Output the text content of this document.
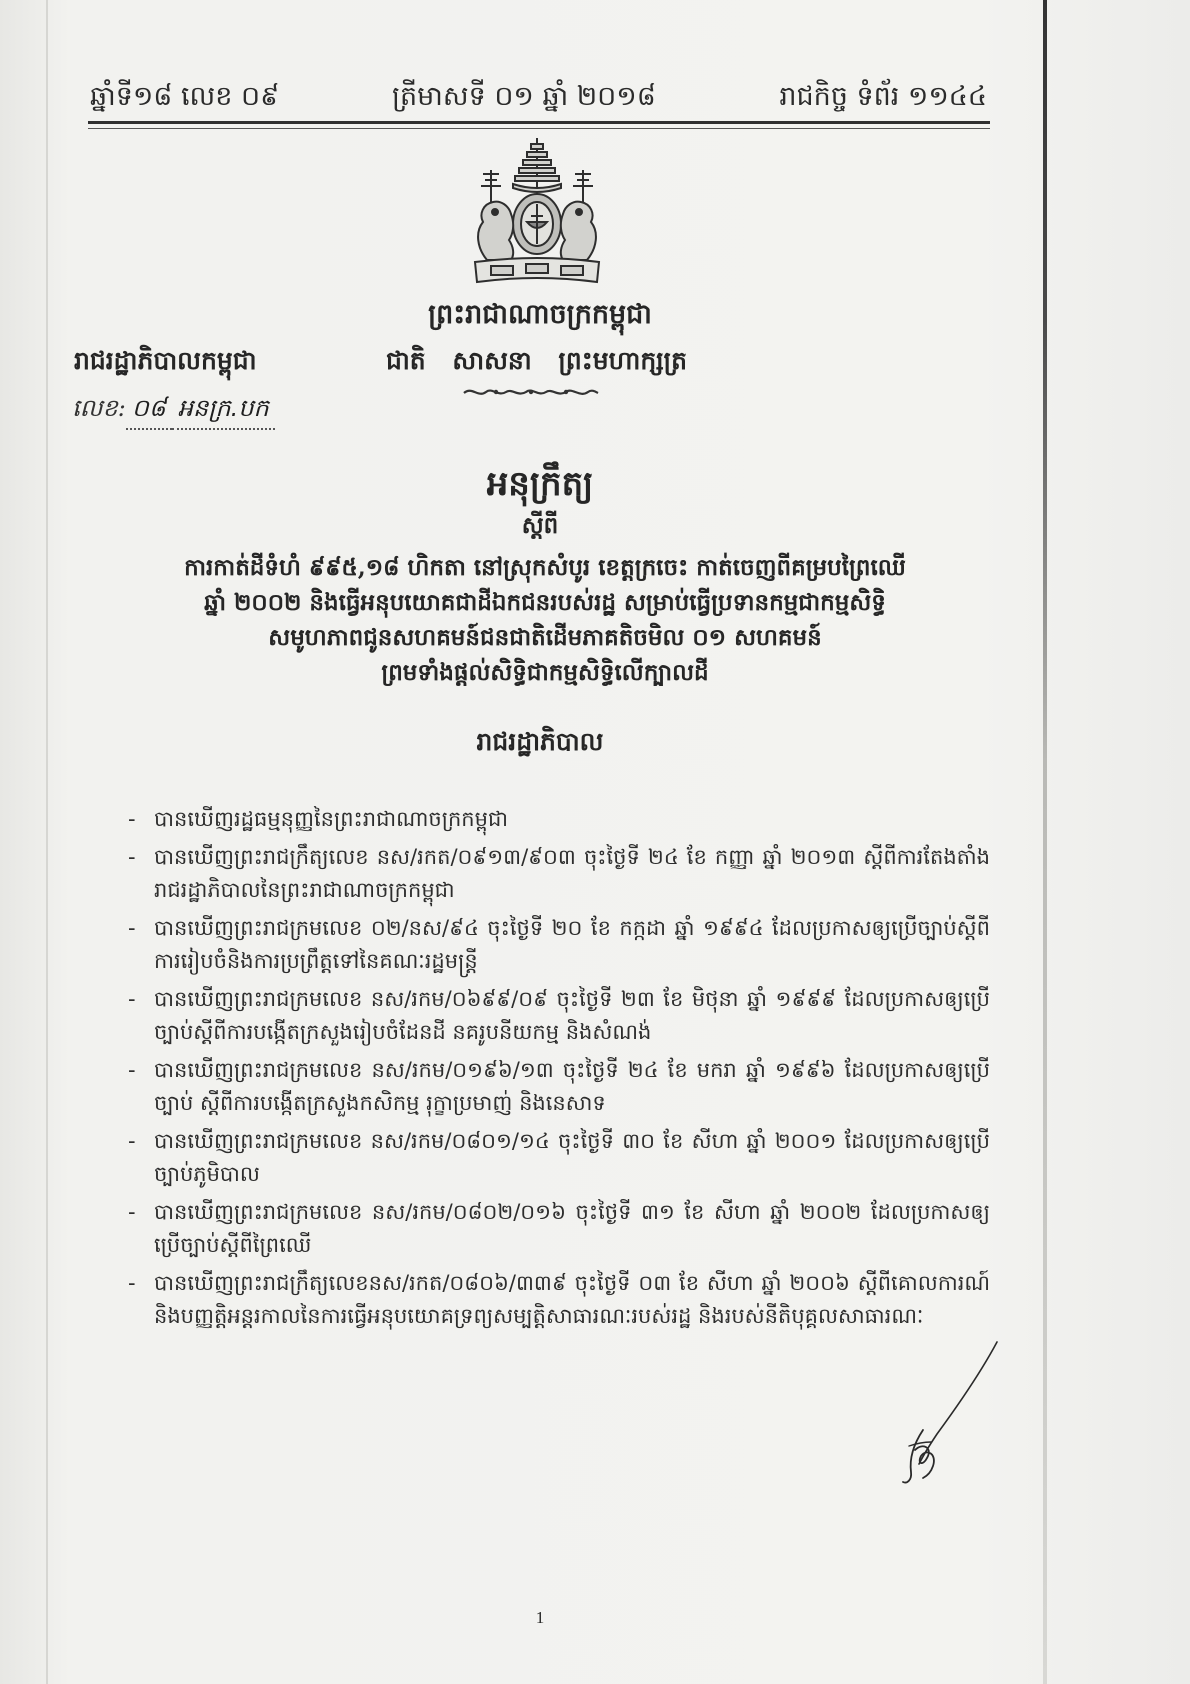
ឆ្នាំទី១៨ លេខ ០៩	ត្រីមាសទី ០១ ឆ្នាំ ២០១៨	រាជកិច្ច ទំព័រ ១១៤៤
ព្រះរាជាណាចក្រកម្ពុជា
រាជរដ្ឋាភិបាលកម្ពុជា	ជាតិ សាសនា ព្រះមហាក្សត្រ
លេខ: ០៨ អនក្រ.បក
អនុក្រឹត្យ
ស្តីពី
ការកាត់ដីទំហំ ៩៩៥,១៨ ហិកតា នៅស្រុកសំបូរ ខេត្តក្រចេះ កាត់ចេញពីគម្របព្រៃឈើ
ឆ្នាំ ២០០២ និងធ្វើអនុបយោគជាដីឯកជនរបស់រដ្ឋ សម្រាប់ធ្វើប្រទានកម្មជាកម្មសិទ្ធិ
សមូហភាពជូនសហគមន៍ជនជាតិដើមភាគតិចមិល ០១ សហគមន៍
ព្រមទាំងផ្តល់សិទ្ធិជាកម្មសិទ្ធិលើក្បាលដី
រាជរដ្ឋាភិបាល
- បានឃើញរដ្ឋធម្មនុញ្ញនៃព្រះរាជាណាចក្រកម្ពុជា
- បានឃើញព្រះរាជក្រឹត្យលេខ នស/រកត/០៩១៣/៩០៣ ចុះថ្ងៃទី ២៤ ខែ កញ្ញា ឆ្នាំ ២០១៣ ស្តីពីការតែងតាំងរាជរដ្ឋាភិបាលនៃព្រះរាជាណាចក្រកម្ពុជា
- បានឃើញព្រះរាជក្រមលេខ ០២/នស/៩៤ ចុះថ្ងៃទី ២០ ខែ កក្កដា ឆ្នាំ ១៩៩៤ ដែលប្រកាសឲ្យប្រើច្បាប់ស្តីពីការរៀបចំនិងការប្រព្រឹត្តទៅនៃគណៈរដ្ឋមន្ត្រី
- បានឃើញព្រះរាជក្រមលេខ នស/រកម/០៦៩៩/០៩ ចុះថ្ងៃទី ២៣ ខែ មិថុនា ឆ្នាំ ១៩៩៩ ដែលប្រកាសឲ្យប្រើច្បាប់ស្តីពីការបង្កើតក្រសួងរៀបចំដែនដី នគរូបនីយកម្ម និងសំណង់
- បានឃើញព្រះរាជក្រមលេខ នស/រកម/០១៩៦/១៣ ចុះថ្ងៃទី ២៤ ខែ មករា ឆ្នាំ ១៩៩៦ ដែលប្រកាសឲ្យប្រើច្បាប់ ស្តីពីការបង្កើតក្រសួងកសិកម្ម រុក្ខាប្រមាញ់ និងនេសាទ
- បានឃើញព្រះរាជក្រមលេខ នស/រកម/០៨០១/១៤ ចុះថ្ងៃទី ៣០ ខែ សីហា ឆ្នាំ ២០០១ ដែលប្រកាសឲ្យប្រើច្បាប់ភូមិបាល
- បានឃើញព្រះរាជក្រមលេខ នស/រកម/០៨០២/០១៦ ចុះថ្ងៃទី ៣១ ខែ សីហា ឆ្នាំ ២០០២ ដែលប្រកាសឲ្យប្រើច្បាប់ស្តីពីព្រៃឈើ
- បានឃើញព្រះរាជក្រឹត្យលេខនស/រកត/០៨០៦/៣៣៩ ចុះថ្ងៃទី ០៣ ខែ សីហា ឆ្នាំ ២០០៦ ស្តីពីគោលការណ៍និងបញ្ញត្តិអន្តរកាលនៃការធ្វើអនុបយោគទ្រព្យសម្បត្តិសាធារណៈរបស់រដ្ឋ និងរបស់នីតិបុគ្គលសាធារណៈ
1
